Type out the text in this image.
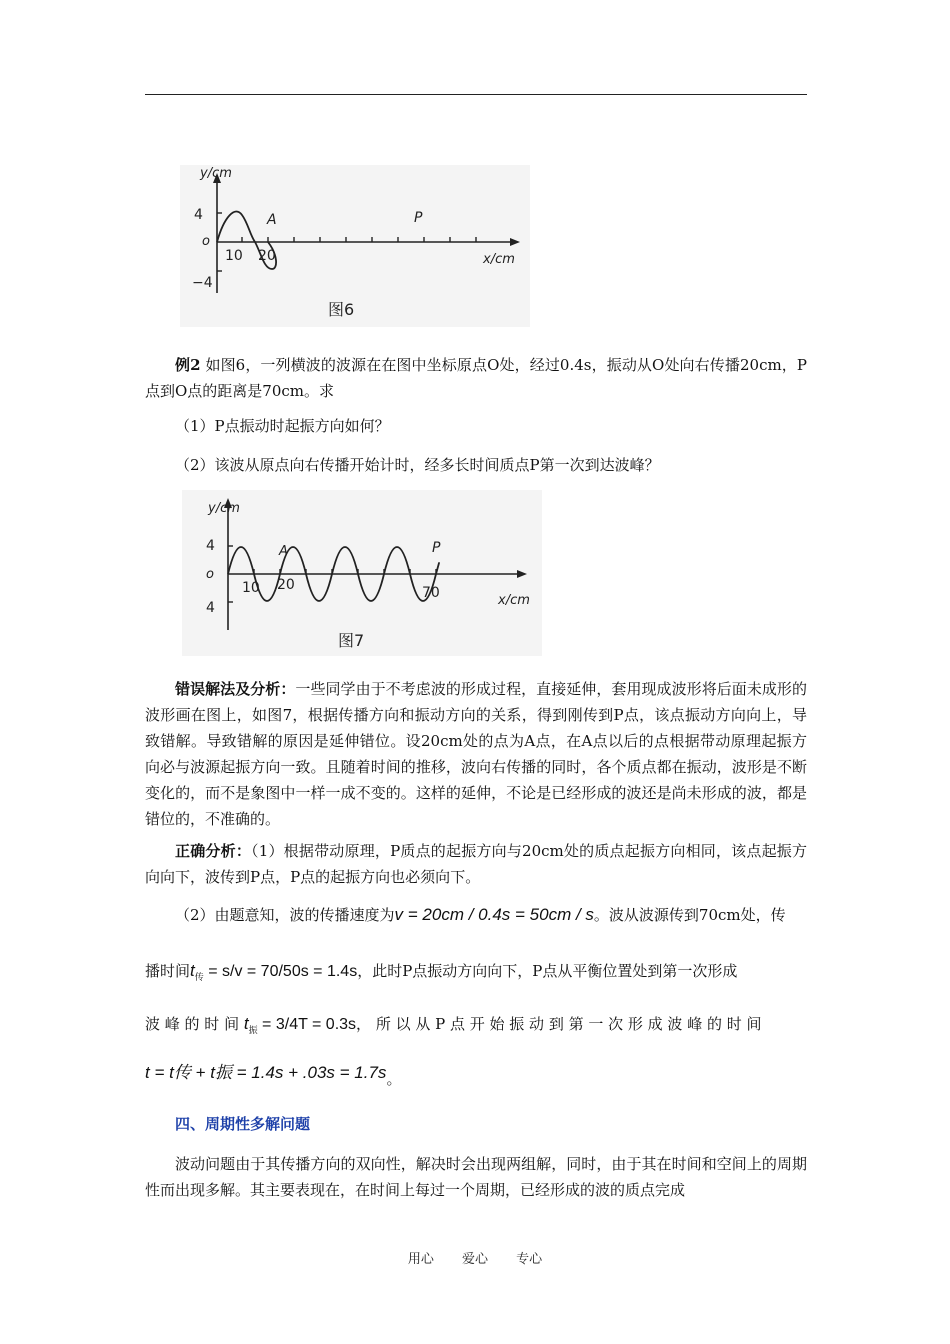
y/cm
4
o
−4
10 20
A	P
x/cm
图6
例2 如图6，一列横波的波源在在图中坐标原点O处，经过0.4s，振动从O处向右传播20cm，P点到O点的距离是70cm。求
（1）P点振动时起振方向如何？
（2）该波从原点向右传播开始计时，经多长时间质点P第一次到达波峰？
y/cm
4
o
4
10 20	70
A	P
x/cm
图7
错误解法及分析：一些同学由于不考虑波的形成过程，直接延伸，套用现成波形将后面未成形的波形画在图上，如图7，根据传播方向和振动方向的关系，得到刚传到P点，该点振动方向向上，导致错解。导致错解的原因是延伸错位。设20cm处的点为A点，在A点以后的点根据带动原理起振方向必与波源起振方向一致。且随着时间的推移，波向右传播的同时，各个质点都在振动，波形是不断变化的，而不是象图中一样一成不变的。这样的延伸，不论是已经形成的波还是尚未形成的波，都是错位的，不准确的。
正确分析：（1）根据带动原理，P质点的起振方向与20cm处的质点起振方向相同，该点起振方向向下，波传到P点，P点的起振方向也必须向下。
（2）由题意知，波的传播速度为v = 20cm / 0.4s = 50cm / s。波从波源传到70cm处，传
播时间$t_传 = s/v = 70/50s = 1.4s$，此时P点振动方向向下，P点从平衡位置处到第一次形成
波 峰 的 时 间 $t_振 = 3/4T = 0.3s$， 所 以 从 P 点 开 始 振 动 到 第 一 次 形 成 波 峰 的 时 间
t = t传 + t振 = 1.4s + .03s = 1.7s。
四、周期性多解问题
波动问题由于其传播方向的双向性，解决时会出现两组解，同时，由于其在时间和空间上的周期性而出现多解。其主要表现在，在时间上每过一个周期，已经形成的波的质点完成
用心 爱心 专心
